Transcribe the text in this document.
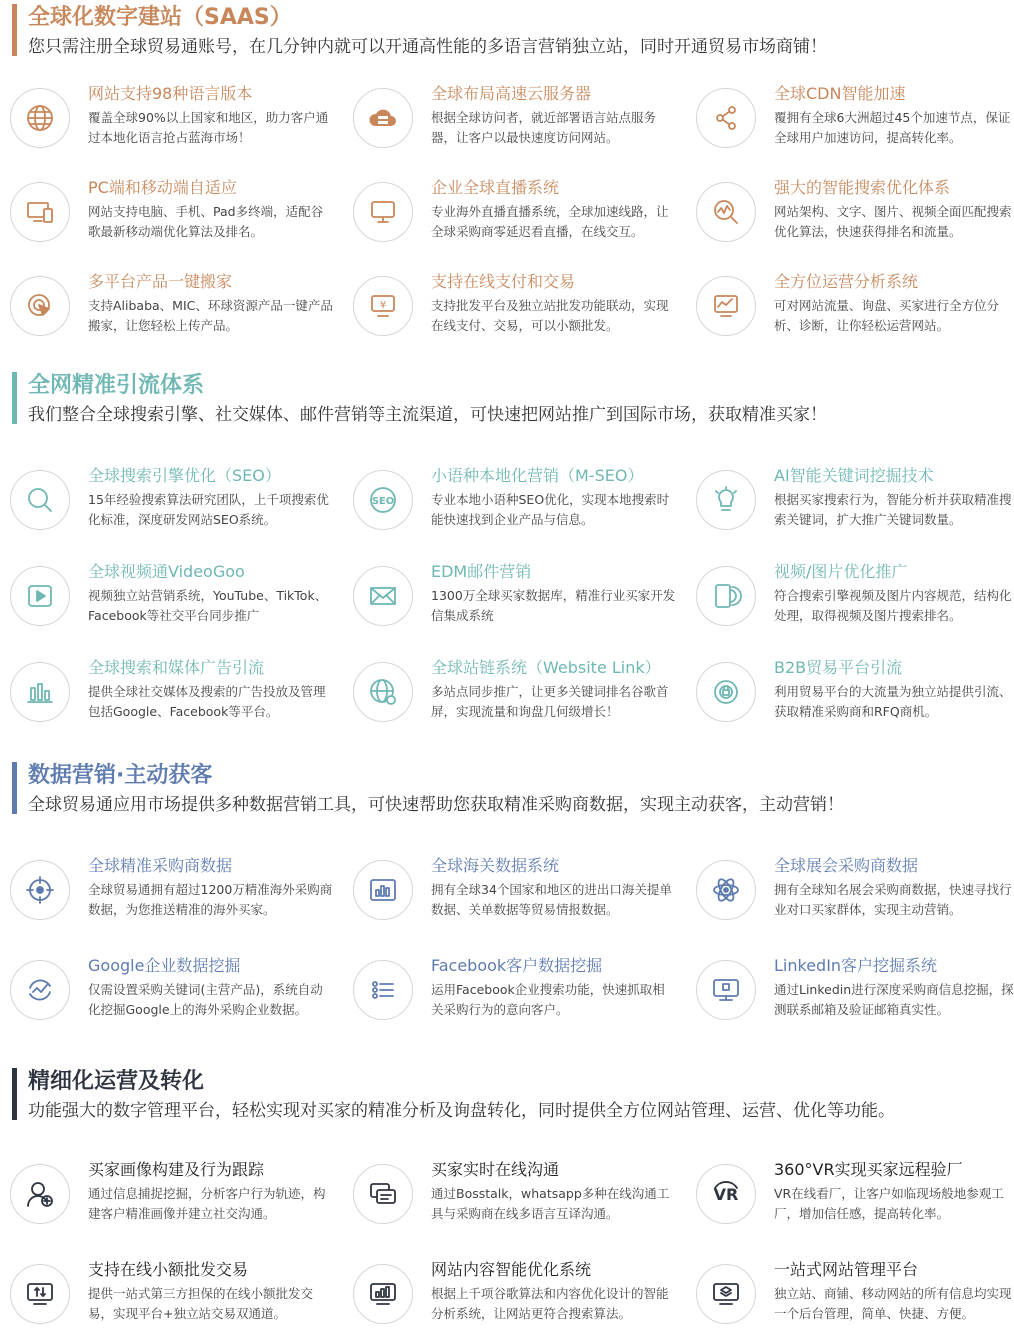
全球化数字建站（SAAS）
您只需注册全球贸易通账号，在几分钟内就可以开通高性能的多语言营销独立站，同时开通贸易市场商铺！
网站支持98种语言版本
覆盖全球90%以上国家和地区，助力客户通过本地化语言抢占蓝海市场！
全球布局高速云服务器
根据全球访问者，就近部署语言站点服务器，让客户以最快速度访问网站。
全球CDN智能加速
覆拥有全球6大洲超过45个加速节点，保证全球用户加速访问，提高转化率。
PC端和移动端自适应
网站支持电脑、手机、Pad多终端，适配谷歌最新移动端优化算法及排名。
企业全球直播系统
专业海外直播直播系统，全球加速线路，让全球采购商零延迟看直播，在线交互。
强大的智能搜索优化体系
网站架构、文字、图片、视频全面匹配搜索优化算法，快速获得排名和流量。
多平台产品一键搬家
支持Alibaba、MIC、环球资源产品一键产品搬家，让您轻松上传产品。
¥
支持在线支付和交易
支持批发平台及独立站批发功能联动，实现在线支付、交易，可以小额批发。
全方位运营分析系统
可对网站流量、询盘、买家进行全方位分析、诊断，让你轻松运营网站。
全网精准引流体系
我们整合全球搜索引擎、社交媒体、邮件营销等主流渠道，可快速把网站推广到国际市场，获取精准买家！
全球搜索引擎优化（SEO）
15年经验搜索算法研究团队，上千项搜索优化标准，深度研发网站SEO系统。
SEO
小语种本地化营销（M-SEO）
专业本地小语种SEO优化，实现本地搜索时能快速找到企业产品与信息。
AI智能关键词挖掘技术
根据买家搜索行为，智能分析并获取精准搜索关键词，扩大推广关键词数量。
全球视频通VideoGoo
视频独立站营销系统，YouTube、TikTok、Facebook等社交平台同步推广
EDM邮件营销
1300万全球买家数据库，精准行业买家开发信集成系统
视频/图片优化推广
符合搜索引擎视频及图片内容规范，结构化处理，取得视频及图片搜索排名。
全球搜索和媒体广告引流
提供全球社交媒体及搜索的广告投放及管理包括Google、Facebook等平台。
全球站链系统（Website Link）
多站点同步推广，让更多关键词排名谷歌首屏，实现流量和询盘几何级增长！
B2B贸易平台引流
利用贸易平台的大流量为独立站提供引流、获取精准采购商和RFQ商机。
数据营销·主动获客
全球贸易通应用市场提供多种数据营销工具，可快速帮助您获取精准采购商数据，实现主动获客，主动营销！
全球精准采购商数据
全球贸易通拥有超过1200万精准海外采购商数据，为您推送精准的海外买家。
全球海关数据系统
拥有全球34个国家和地区的进出口海关提单数据、关单数据等贸易情报数据。
全球展会采购商数据
拥有全球知名展会采购商数据，快速寻找行业对口买家群体，实现主动营销。
Google企业数据挖掘
仅需设置采购关键词(主营产品)，系统自动化挖掘Google上的海外采购企业数据。
Facebook客户数据挖掘
运用Facebook企业搜索功能，快速抓取相关采购行为的意向客户。
LinkedIn客户挖掘系统
通过Linkedin进行深度采购商信息挖掘，探测联系邮箱及验证邮箱真实性。
精细化运营及转化
功能强大的数字管理平台，轻松实现对买家的精准分析及询盘转化，同时提供全方位网站管理、运营、优化等功能。
买家画像构建及行为跟踪
通过信息捕捉挖掘，分析客户行为轨迹，构建客户精准画像并建立社交沟通。
买家实时在线沟通
通过Bosstalk，whatsapp多种在线沟通工具与采购商在线多语言互译沟通。
VR
360°VR实现买家远程验厂
VR在线看厂，让客户如临现场般地参观工厂，增加信任感，提高转化率。
支持在线小额批发交易
提供一站式第三方担保的在线小额批发交易，实现平台+独立站交易双通道。
网站内容智能优化系统
根据上千项谷歌算法和内容优化设计的智能分析系统，让网站更符合搜索算法。
一站式网站管理平台
独立站、商铺、移动网站的所有信息均实现一个后台管理，简单、快捷、方便。
